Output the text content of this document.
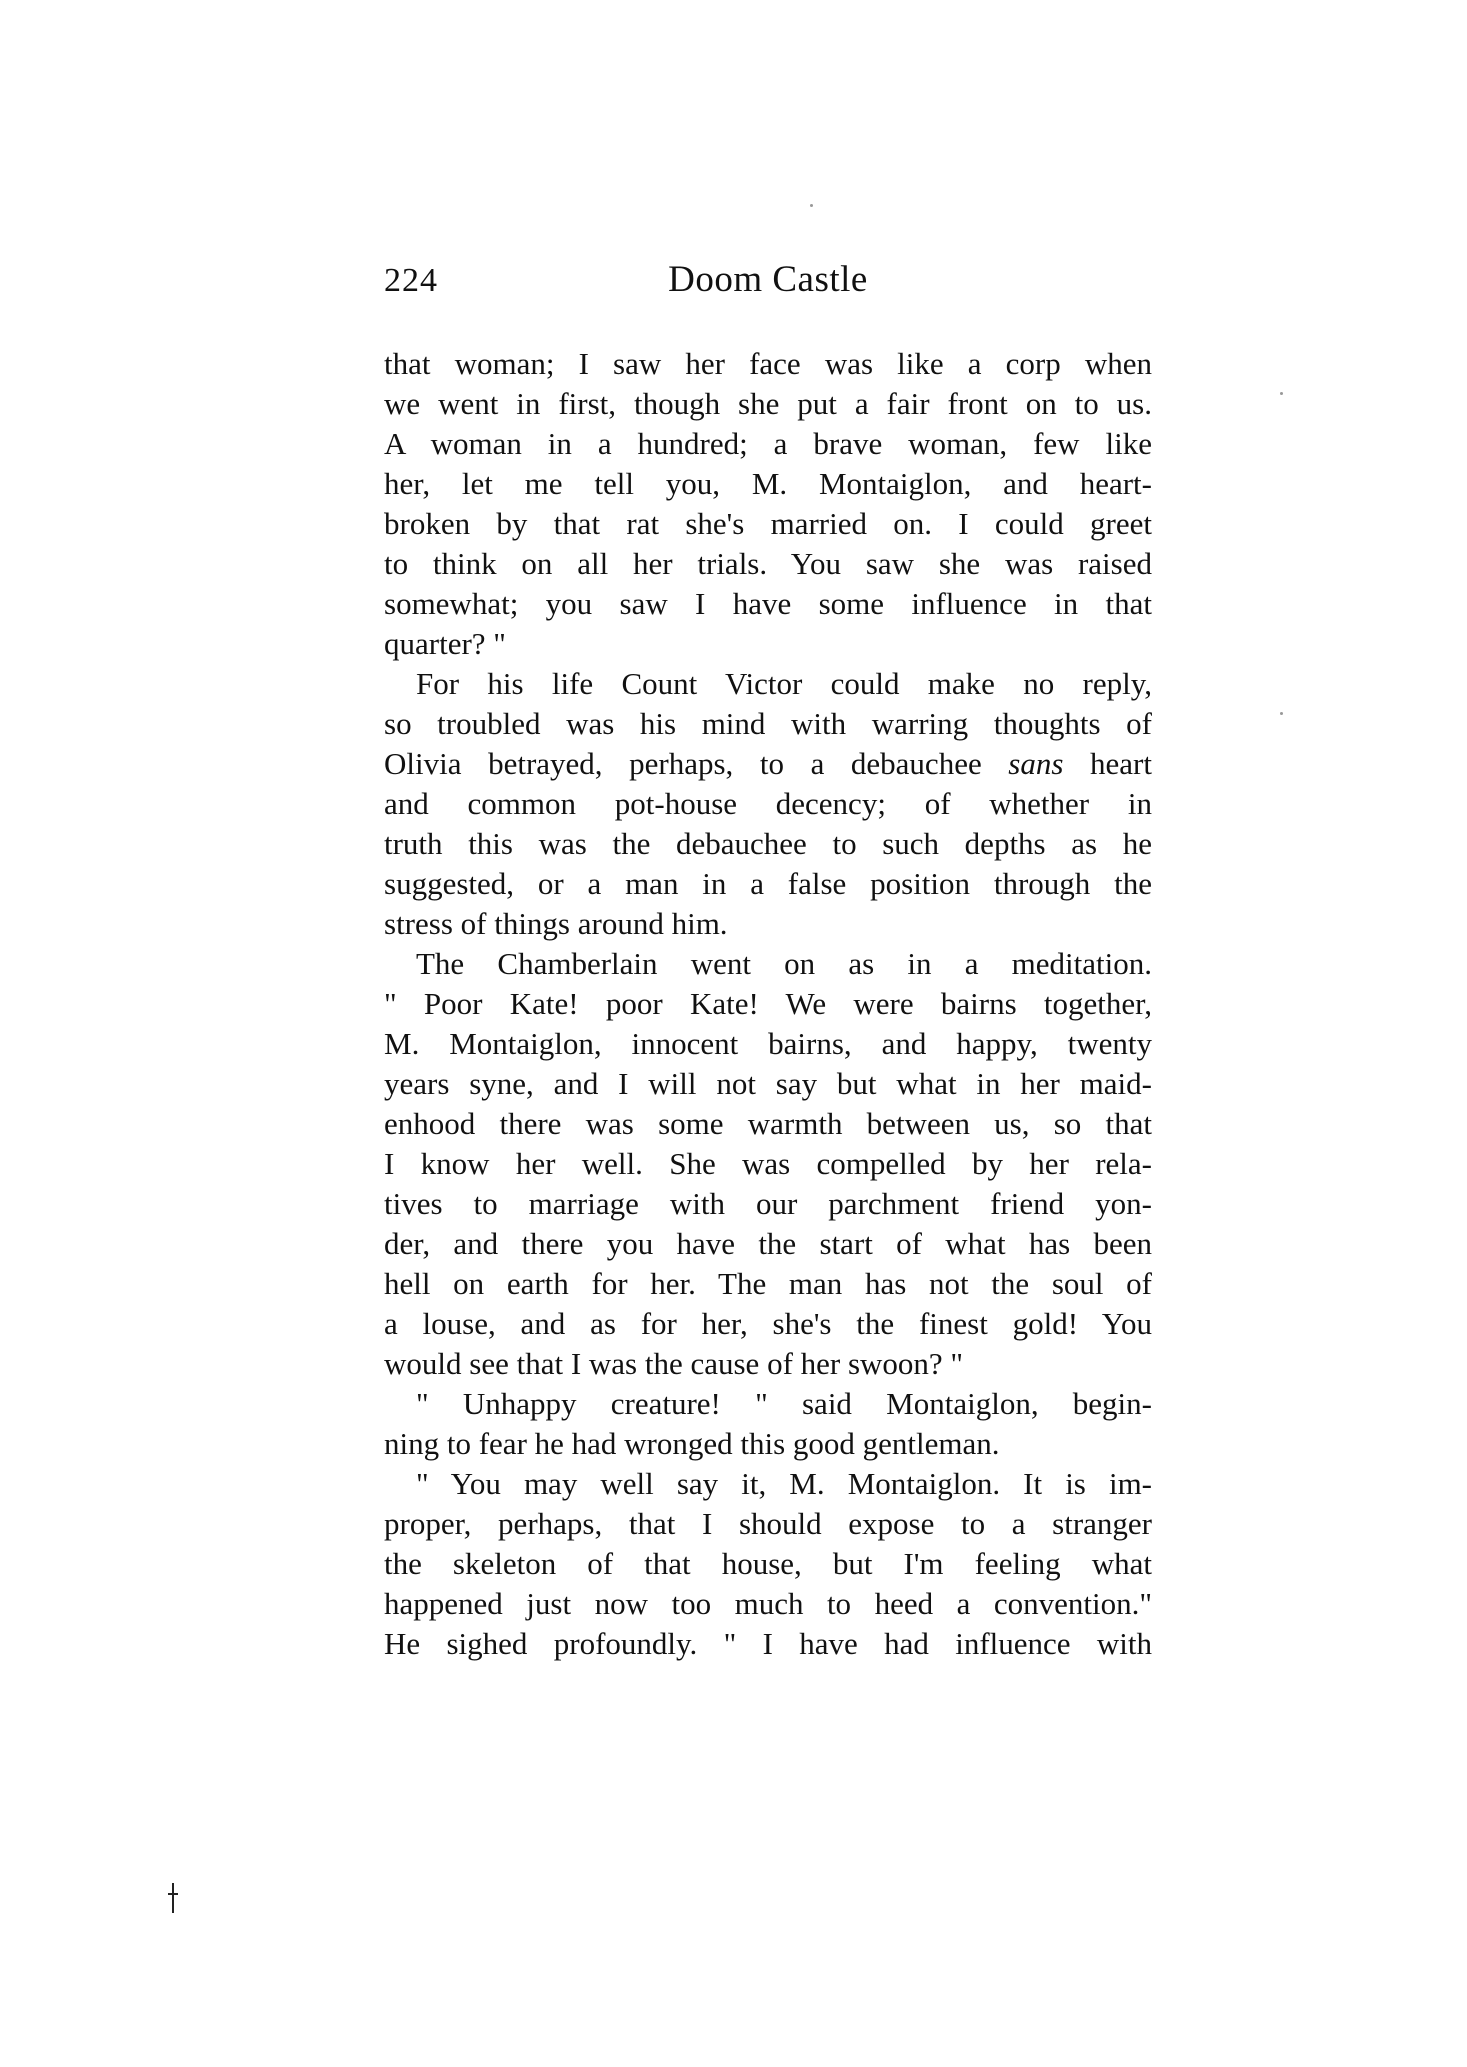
224	Doom Castle
that woman; I saw her face was like a corp when
we went in first, though she put a fair front on to us.
A woman in a hundred; a brave woman, few like
her, let me tell you, M. Montaiglon, and heart-
broken by that rat she's married on. I could greet
to think on all her trials. You saw she was raised
somewhat; you saw I have some influence in that
quarter? "
For his life Count Victor could make no reply,
so troubled was his mind with warring thoughts of
Olivia betrayed, perhaps, to a debauchee sans heart
and common pot-house decency; of whether in
truth this was the debauchee to such depths as he
suggested, or a man in a false position through the
stress of things around him.
The Chamberlain went on as in a meditation.
" Poor Kate! poor Kate! We were bairns together,
M. Montaiglon, innocent bairns, and happy, twenty
years syne, and I will not say but what in her maid-
enhood there was some warmth between us, so that
I know her well. She was compelled by her rela-
tives to marriage with our parchment friend yon-
der, and there you have the start of what has been
hell on earth for her. The man has not the soul of
a louse, and as for her, she's the finest gold! You
would see that I was the cause of her swoon? "
" Unhappy creature! " said Montaiglon, begin-
ning to fear he had wronged this good gentleman.
" You may well say it, M. Montaiglon. It is im-
proper, perhaps, that I should expose to a stranger
the skeleton of that house, but I'm feeling what
happened just now too much to heed a convention."
He sighed profoundly. " I have had influence with
